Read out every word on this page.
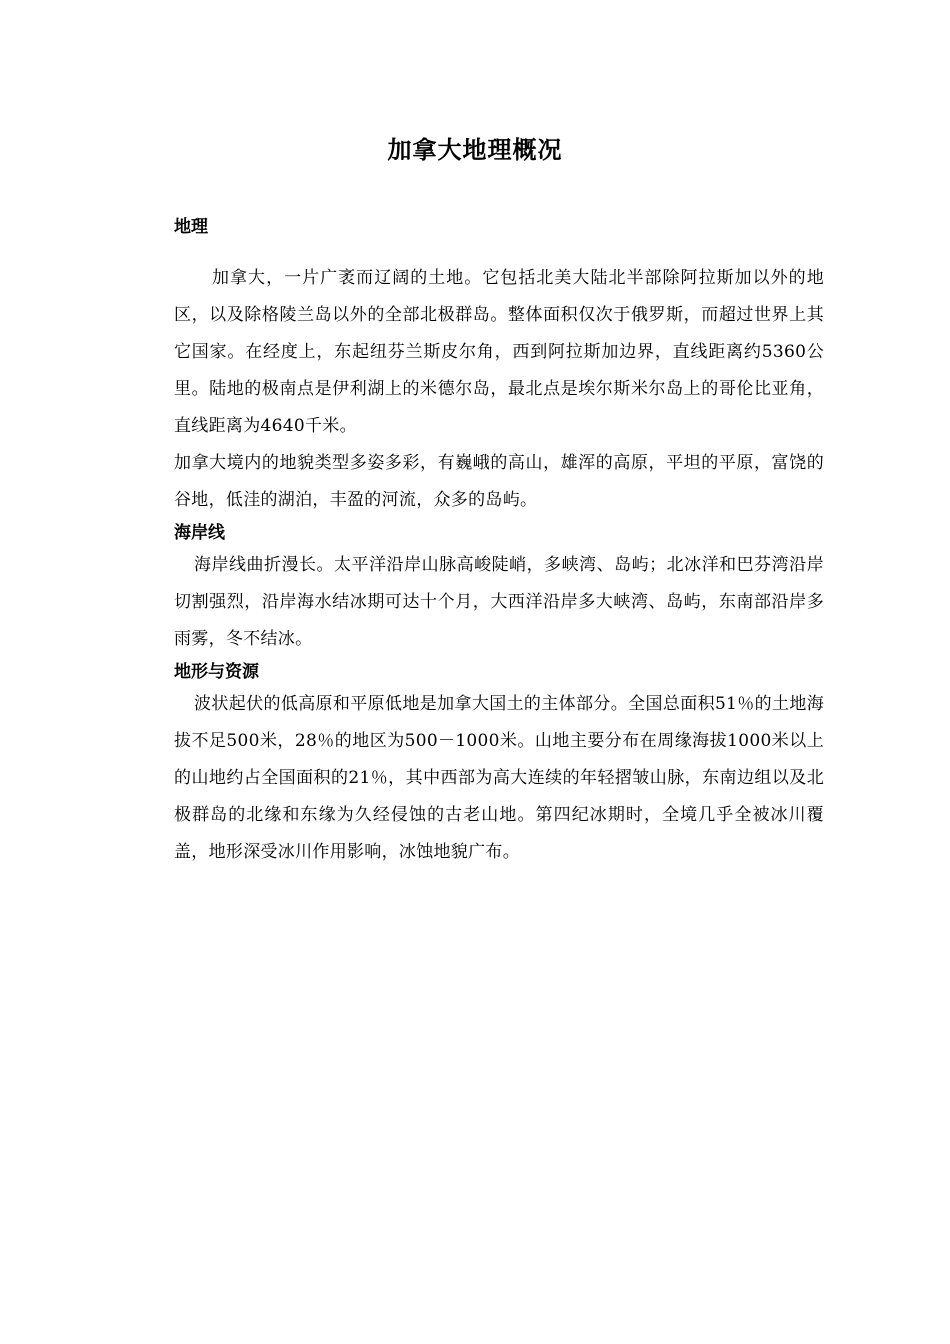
加拿大地理概况
地理

加拿大，一片广袤而辽阔的土地。它包括北美大陆北半部除阿拉斯加以外的地区，以及除格陵兰岛以外的全部北极群岛。整体面积仅次于俄罗斯，而超过世界上其它国家。在经度上，东起纽芬兰斯皮尔角，西到阿拉斯加边界，直线距离约5360公里。陆地的极南点是伊利湖上的米德尔岛，最北点是埃尔斯米尔岛上的哥伦比亚角，直线距离为4640千米。

加拿大境内的地貌类型多姿多彩，有巍峨的高山，雄浑的高原，平坦的平原，富饶的谷地，低洼的湖泊，丰盈的河流，众多的岛屿。

海岸线

海岸线曲折漫长。太平洋沿岸山脉高峻陡峭，多峡湾、岛屿；北冰洋和巴芬湾沿岸切割强烈，沿岸海水结冰期可达十个月，大西洋沿岸多大峡湾、岛屿，东南部沿岸多雨雾，冬不结冰。

地形与资源

波状起伏的低高原和平原低地是加拿大国土的主体部分。全国总面积51％的土地海拔不足500米，28％的地区为500－1000米。山地主要分布在周缘海拔1000米以上的山地约占全国面积的21％，其中西部为高大连续的年轻摺皱山脉，东南边组以及北极群岛的北缘和东缘为久经侵蚀的古老山地。第四纪冰期时，全境几乎全被冰川覆盖，地形深受冰川作用影响，冰蚀地貌广布。
